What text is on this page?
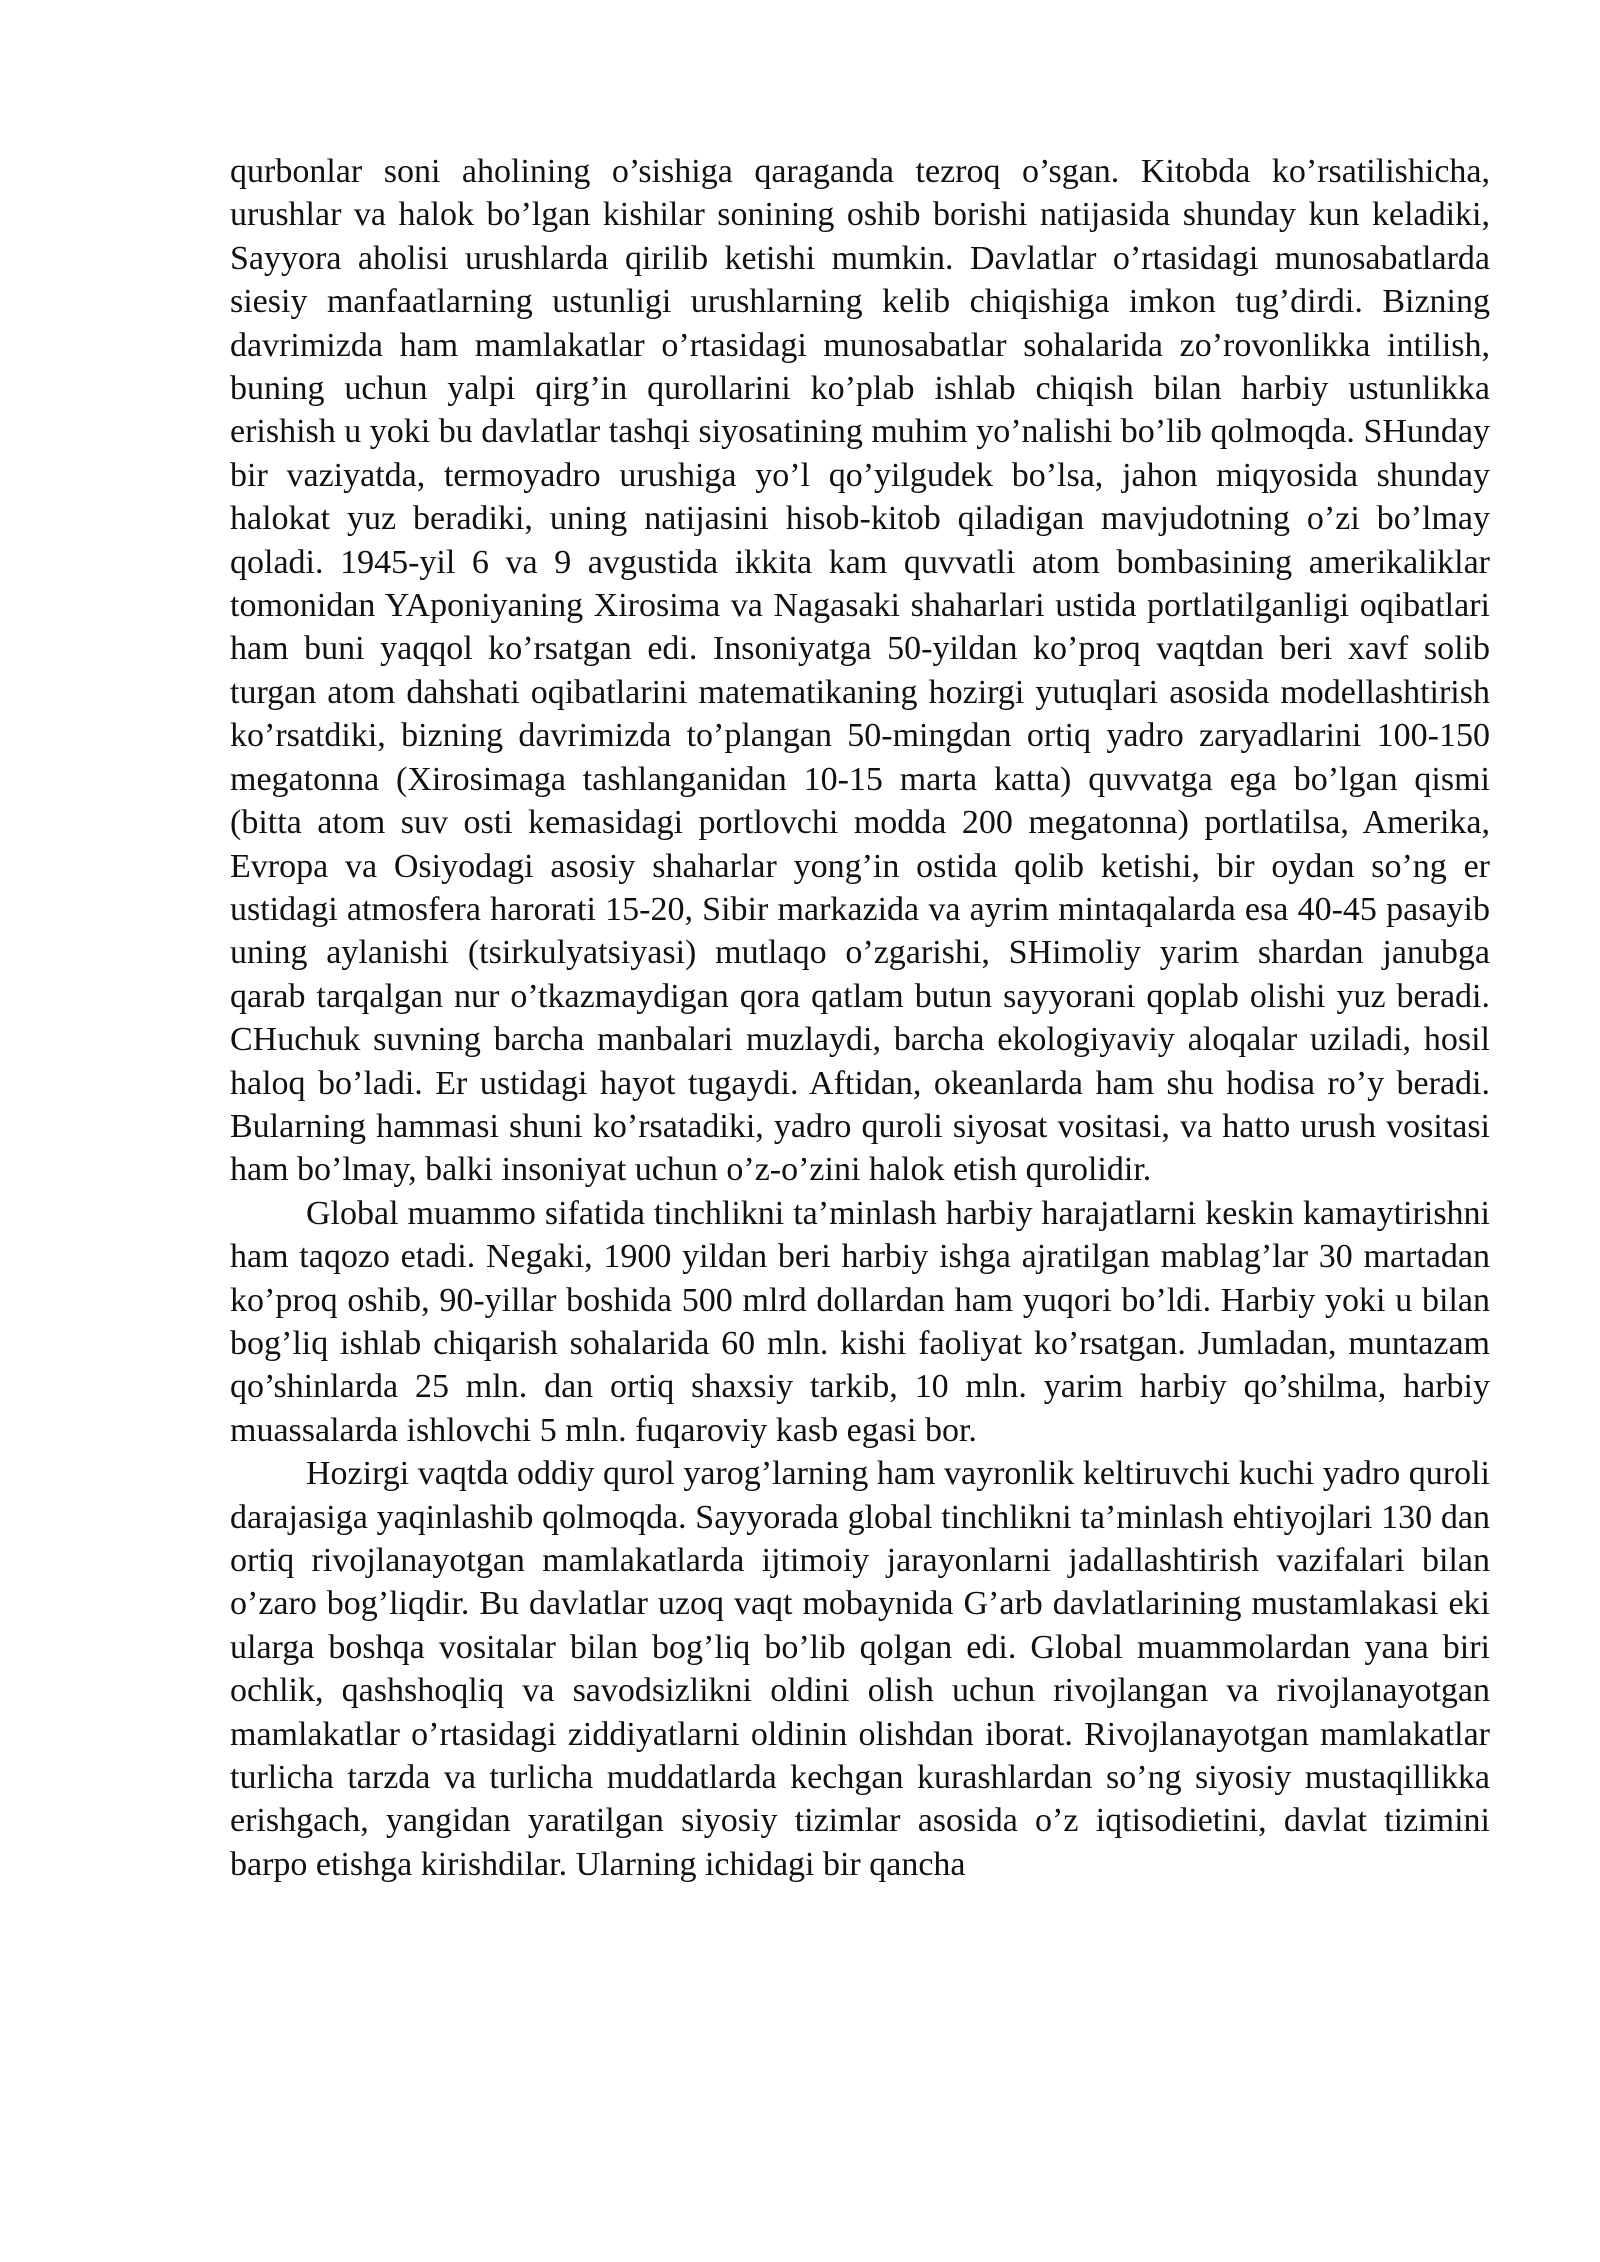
qurbonlar soni aholining o’sishiga qaraganda tezroq o’sgan. Kitobda ko’rsatilishicha, urushlar va halok bo’lgan kishilar sonining oshib borishi natijasida shunday kun keladiki, Sayyora aholisi urushlarda qirilib ketishi mumkin. Davlatlar o’rtasidagi munosabatlarda siesiy manfaatlarning ustunligi urushlarning kelib chiqishiga imkon tug’dirdi. Bizning davrimizda ham mamlakatlar o’rtasidagi munosabatlar sohalarida zo’rovonlikka intilish, buning uchun yalpi qirg’in qurollarini ko’plab ishlab chiqish bilan harbiy ustunlikka erishish u yoki bu davlatlar tashqi siyosatining muhim yo’nalishi bo’lib qolmoqda. SHunday bir vaziyatda, termoyadro urushiga yo’l qo’yilgudek bo’lsa, jahon miqyosida shunday halokat yuz beradiki, uning natijasini hisob-kitob qiladigan mavjudotning o’zi bo’lmay qoladi. 1945-yil 6 va 9 avgustida ikkita kam quvvatli atom bombasining amerikaliklar tomonidan YAponiyaning Xirosima va Nagasaki shaharlari ustida portlatilganligi oqibatlari ham buni yaqqol ko’rsatgan edi. Insoniyatga 50-yildan ko’proq vaqtdan beri xavf solib turgan atom dahshati oqibatlarini matematikaning hozirgi yutuqlari asosida modellashtirish ko’rsatdiki, bizning davrimizda to’plangan 50-mingdan ortiq yadro zaryadlarini 100-150 megatonna (Xirosimaga tashlanganidan 10-15 marta katta) quvvatga ega bo’lgan qismi (bitta atom suv osti kemasidagi portlovchi modda 200 megatonna) portlatilsa, Amerika, Evropa va Osiyodagi asosiy shaharlar yong’in ostida qolib ketishi, bir oydan so’ng er ustidagi atmosfera harorati 15-20, Sibir markazida va ayrim mintaqalarda esa 40-45 pasayib uning aylanishi (tsirkulyatsiyasi) mutlaqo o’zgarishi, SHimoliy yarim shardan janubga qarab tarqalgan nur o’tkazmaydigan qora qatlam butun sayyorani qoplab olishi yuz beradi. CHuchuk suvning barcha manbalari muzlaydi, barcha ekologiyaviy aloqalar uziladi, hosil haloq bo’ladi. Er ustidagi hayot tugaydi. Aftidan, okeanlarda ham shu hodisa ro’y beradi. Bularning hammasi shuni ko’rsatadiki, yadro quroli siyosat vositasi, va hatto urush vositasi ham bo’lmay, balki insoniyat uchun o’z-o’zini halok etish qurolidir.

Global muammo sifatida tinchlikni ta’minlash harbiy harajatlarni keskin kamaytirishni ham taqozo etadi. Negaki, 1900 yildan beri harbiy ishga ajratilgan mablag’lar 30 martadan ko’proq oshib, 90-yillar boshida 500 mlrd dollardan ham yuqori bo’ldi. Harbiy yoki u bilan bog’liq ishlab chiqarish sohalarida 60 mln. kishi faoliyat ko’rsatgan. Jumladan, muntazam qo’shinlarda 25 mln. dan ortiq shaxsiy tarkib, 10 mln. yarim harbiy qo’shilma, harbiy muassalarda ishlovchi 5 mln. fuqaroviy kasb egasi bor.

Hozirgi vaqtda oddiy qurol yarog’larning ham vayronlik keltiruvchi kuchi yadro quroli darajasiga yaqinlashib qolmoqda. Sayyorada global tinchlikni ta’minlash ehtiyojlari 130 dan ortiq rivojlanayotgan mamlakatlarda ijtimoiy jarayonlarni jadallashtirish vazifalari bilan o’zaro bog’liqdir. Bu davlatlar uzoq vaqt mobaynida G’arb davlatlarining mustamlakasi eki ularga boshqa vositalar bilan bog’liq bo’lib qolgan edi. Global muammolardan yana biri ochlik, qashshoqliq va savodsizlikni oldini olish uchun rivojlangan va rivojlanayotgan mamlakatlar o’rtasidagi ziddiyatlarni oldinin olishdan iborat. Rivojlanayotgan mamlakatlar turlicha tarzda va turlicha muddatlarda kechgan kurashlardan so’ng siyosiy mustaqillikka erishgach, yangidan yaratilgan siyosiy tizimlar asosida o’z iqtisodietini, davlat tizimini barpo etishga kirishdilar. Ularning ichidagi bir qancha
